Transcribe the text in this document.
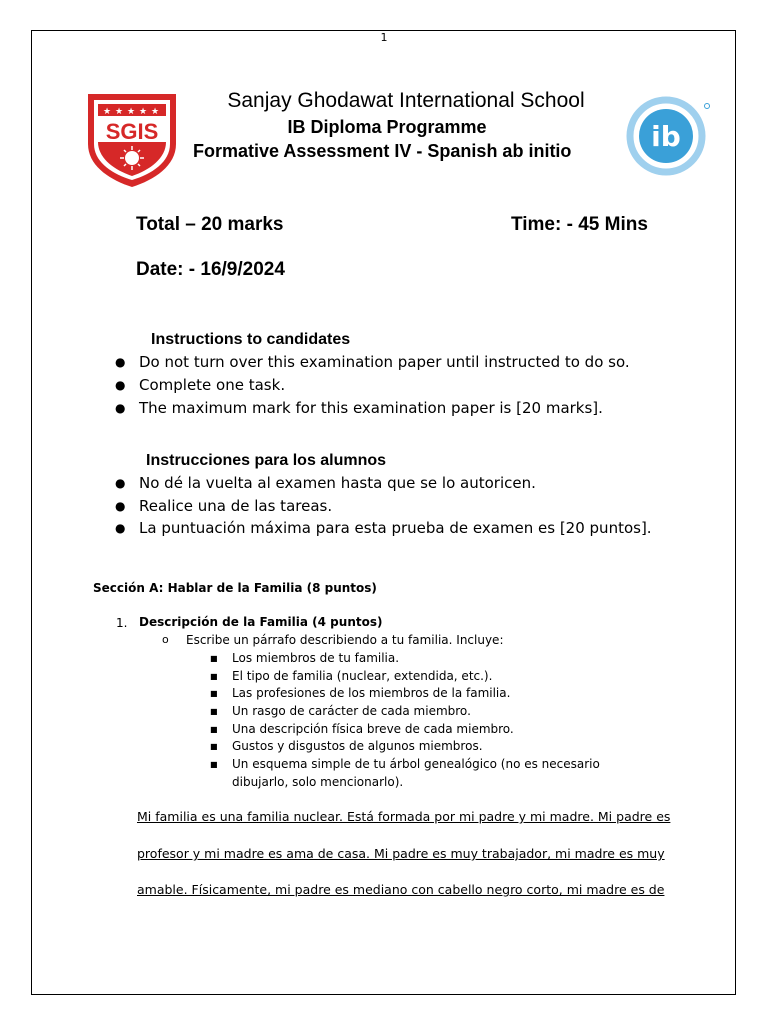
1
★ ★ ★ ★ ★
SGIS
Sanjay Ghodawat International School
IB Diploma Programme
Formative Assessment IV - Spanish ab initio	ib
Total – 20 marks	Time: - 45 Mins
Date: - 16/9/2024
Instructions to candidates
● Do not turn over this examination paper until instructed to do so.
● Complete one task.
● The maximum mark for this examination paper is [20 marks].
Instrucciones para los alumnos
● No dé la vuelta al examen hasta que se lo autoricen.
● Realice una de las tareas.
● La puntuación máxima para esta prueba de examen es [20 puntos].
Sección A: Hablar de la Familia (8 puntos)
1. Descripción de la Familia (4 puntos)
o Escribe un párrafo describiendo a tu familia. Incluye:
■ Los miembros de tu familia.
■ El tipo de familia (nuclear, extendida, etc.).
■ Las profesiones de los miembros de la familia.
■ Un rasgo de carácter de cada miembro.
■ Una descripción física breve de cada miembro.
■ Gustos y disgustos de algunos miembros.
■ Un esquema simple de tu árbol genealógico (no es necesario
dibujarlo, solo mencionarlo).
Mi familia es una familia nuclear. Está formada por mi padre y mi madre. Mi padre es
profesor y mi madre es ama de casa. Mi padre es muy trabajador, mi madre es muy
amable. Físicamente, mi padre es mediano con cabello negro corto, mi madre es de
